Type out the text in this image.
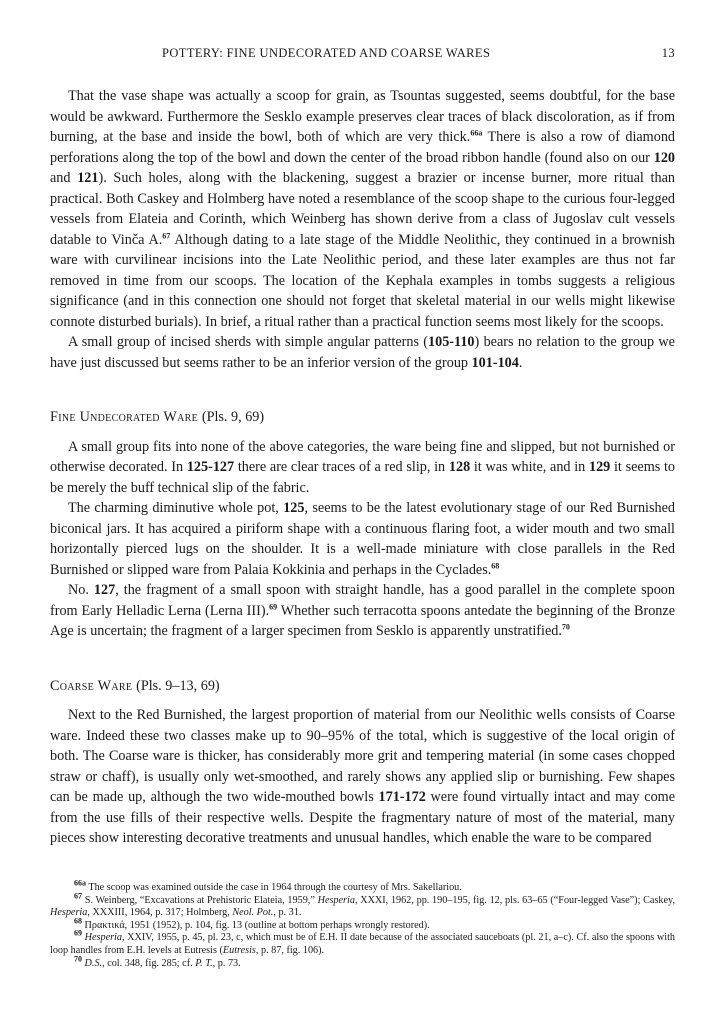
POTTERY: FINE UNDECORATED AND COARSE WARES	13

That the vase shape was actually a scoop for grain, as Tsountas suggested, seems doubtful, for the base would be awkward. Furthermore the Sesklo example preserves clear traces of black discoloration, as if from burning, at the base and inside the bowl, both of which are very thick.$^{66a}$ There is also a row of diamond perforations along the top of the bowl and down the center of the broad ribbon handle (found also on our 120 and 121). Such holes, along with the blackening, suggest a brazier or incense burner, more ritual than practical. Both Caskey and Holmberg have noted a resemblance of the scoop shape to the curious four-legged vessels from Elateia and Corinth, which Weinberg has shown derive from a class of Jugoslav cult vessels datable to Vinča A.$^{67}$ Although dating to a late stage of the Middle Neolithic, they continued in a brownish ware with curvilinear incisions into the Late Neolithic period, and these later examples are thus not far removed in time from our scoops. The location of the Kephala examples in tombs suggests a religious significance (and in this connection one should not forget that skeletal material in our wells might likewise connote disturbed burials). In brief, a ritual rather than a practical function seems most likely for the scoops.

A small group of incised sherds with simple angular patterns (105-110) bears no relation to the group we have just discussed but seems rather to be an inferior version of the group 101-104.

Fine Undecorated Ware (Pls. 9, 69)

A small group fits into none of the above categories, the ware being fine and slipped, but not burnished or otherwise decorated. In 125-127 there are clear traces of a red slip, in 128 it was white, and in 129 it seems to be merely the buff technical slip of the fabric.

The charming diminutive whole pot, 125, seems to be the latest evolutionary stage of our Red Burnished biconical jars. It has acquired a piriform shape with a continuous flaring foot, a wider mouth and two small horizontally pierced lugs on the shoulder. It is a well-made miniature with close parallels in the Red Burnished or slipped ware from Palaia Kokkinia and perhaps in the Cyclades.$^{68}$

No. 127, the fragment of a small spoon with straight handle, has a good parallel in the complete spoon from Early Helladic Lerna (Lerna III).$^{69}$ Whether such terracotta spoons antedate the beginning of the Bronze Age is uncertain; the fragment of a larger specimen from Sesklo is apparently unstratified.$^{70}$

Coarse Ware (Pls. 9–13, 69)

Next to the Red Burnished, the largest proportion of material from our Neolithic wells consists of Coarse ware. Indeed these two classes make up to 90–95% of the total, which is suggestive of the local origin of both. The Coarse ware is thicker, has considerably more grit and tempering material (in some cases chopped straw or chaff), is usually only wet-smoothed, and rarely shows any applied slip or burnishing. Few shapes can be made up, although the two wide-mouthed bowls 171-172 were found virtually intact and may come from the use fills of their respective wells. Despite the fragmentary nature of most of the material, many pieces show interesting decorative treatments and unusual handles, which enable the ware to be compared

$^{66a}$ The scoop was examined outside the case in 1964 through the courtesy of Mrs. Sakellariou.

$^{67}$ S. Weinberg, “Excavations at Prehistoric Elateia, 1959,” Hesperia, XXXI, 1962, pp. 190–195, fig. 12, pls. 63–65 (“Four-legged Vase”); Caskey, Hesperia, XXXIII, 1964, p. 317; Holmberg, Neol. Pot., p. 31.

$^{68}$ Πρακτικά, 1951 (1952), p. 104, fig. 13 (outline at bottom perhaps wrongly restored).

$^{69}$ Hesperia, XXIV, 1955, p. 45, pl. 23, c, which must be of E.H. II date because of the associated sauceboats (pl. 21, a–c). Cf. also the spoons with loop handles from E.H. levels at Eutresis (Eutresis, p. 87, fig. 106).

$^{70}$ D.S., col. 348, fig. 285; cf. P. T., p. 73.
